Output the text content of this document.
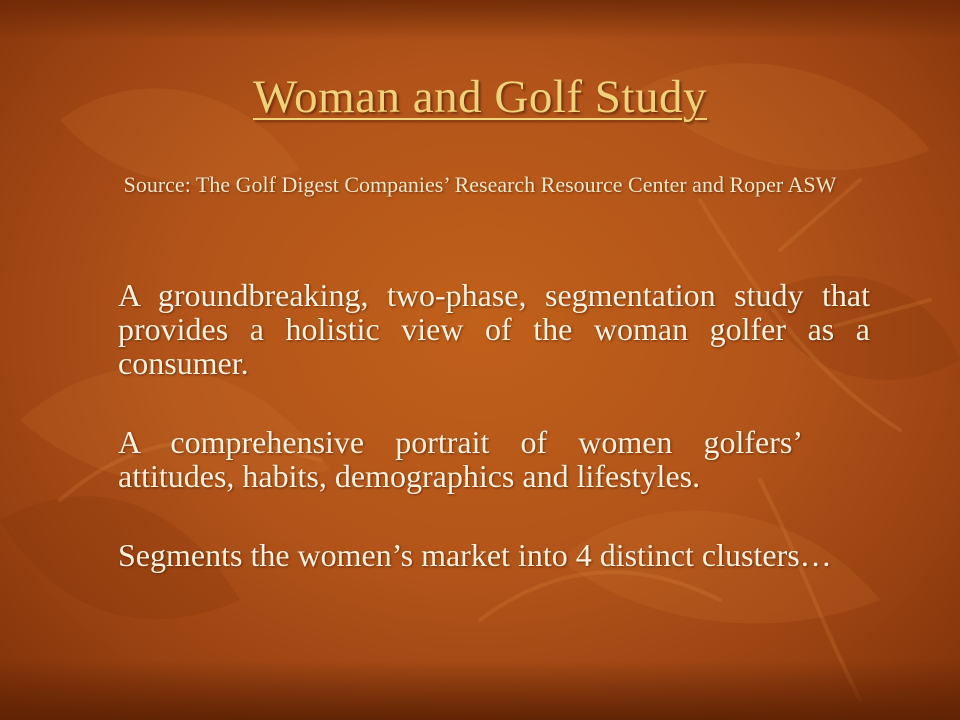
Woman and Golf Study
Source: The Golf Digest Companies’ Research Resource Center and Roper ASW
A groundbreaking, two-phase, segmentation study that provides a holistic view of the woman golfer as a consumer.
A comprehensive portrait of women golfers’ attitudes, habits, demographics and lifestyles.
Segments the women’s market into 4 distinct clusters…
